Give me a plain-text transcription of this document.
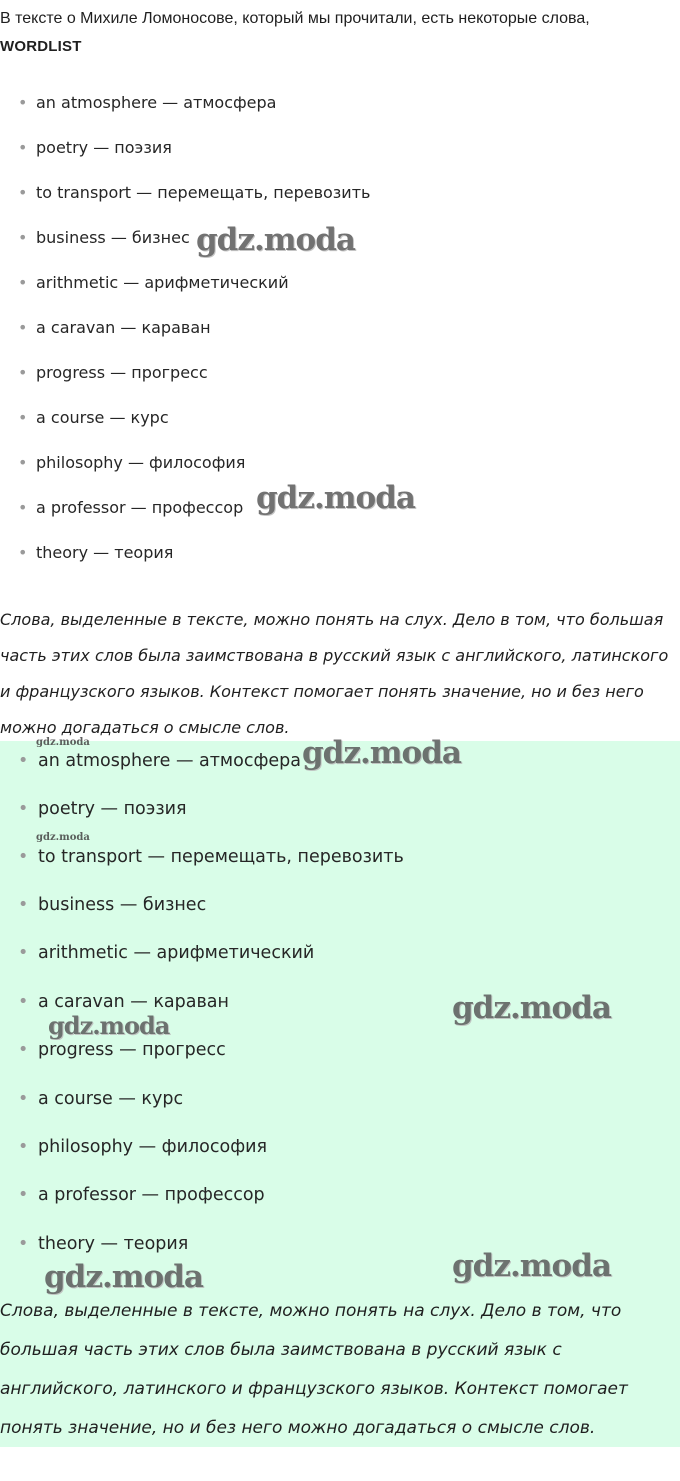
В тексте о Михиле Ломоносове, который мы прочитали, есть некоторые слова,
WORDLIST
• an atmosphere — атмосфера
• poetry — поэзия
• to transport — перемещать, перевозить
• business — бизнес
• arithmetic — арифметический
• a caravan — караван
• progress — прогресс
• a course — курс
• philosophy — философия
• a professor — профессор
• theory — теория

Слова, выделенные в тексте, можно понять на слух. Дело в том, что большая часть этих слов была заимствована в русский язык с английского, латинского и французского языков. Контекст помогает понять значение, но и без него можно догадаться о смысле слов.

• an atmosphere — атмосфера
• poetry — поэзия
• to transport — перемещать, перевозить
• business — бизнес
• arithmetic — арифметический
• a caravan — караван
• progress — прогресс
• a course — курс
• philosophy — философия
• a professor — профессор
• theory — теория

Слова, выделенные в тексте, можно понять на слух. Дело в том, что большая часть этих слов была заимствована в русский язык с английского, латинского и французского языков. Контекст помогает понять значение, но и без него можно догадаться о смысле слов.

gdz.moda
gdz.moda
gdz.moda	gdz.moda
gdz.moda
gdz.moda
gdz.moda
gdz.moda	gdz.moda
